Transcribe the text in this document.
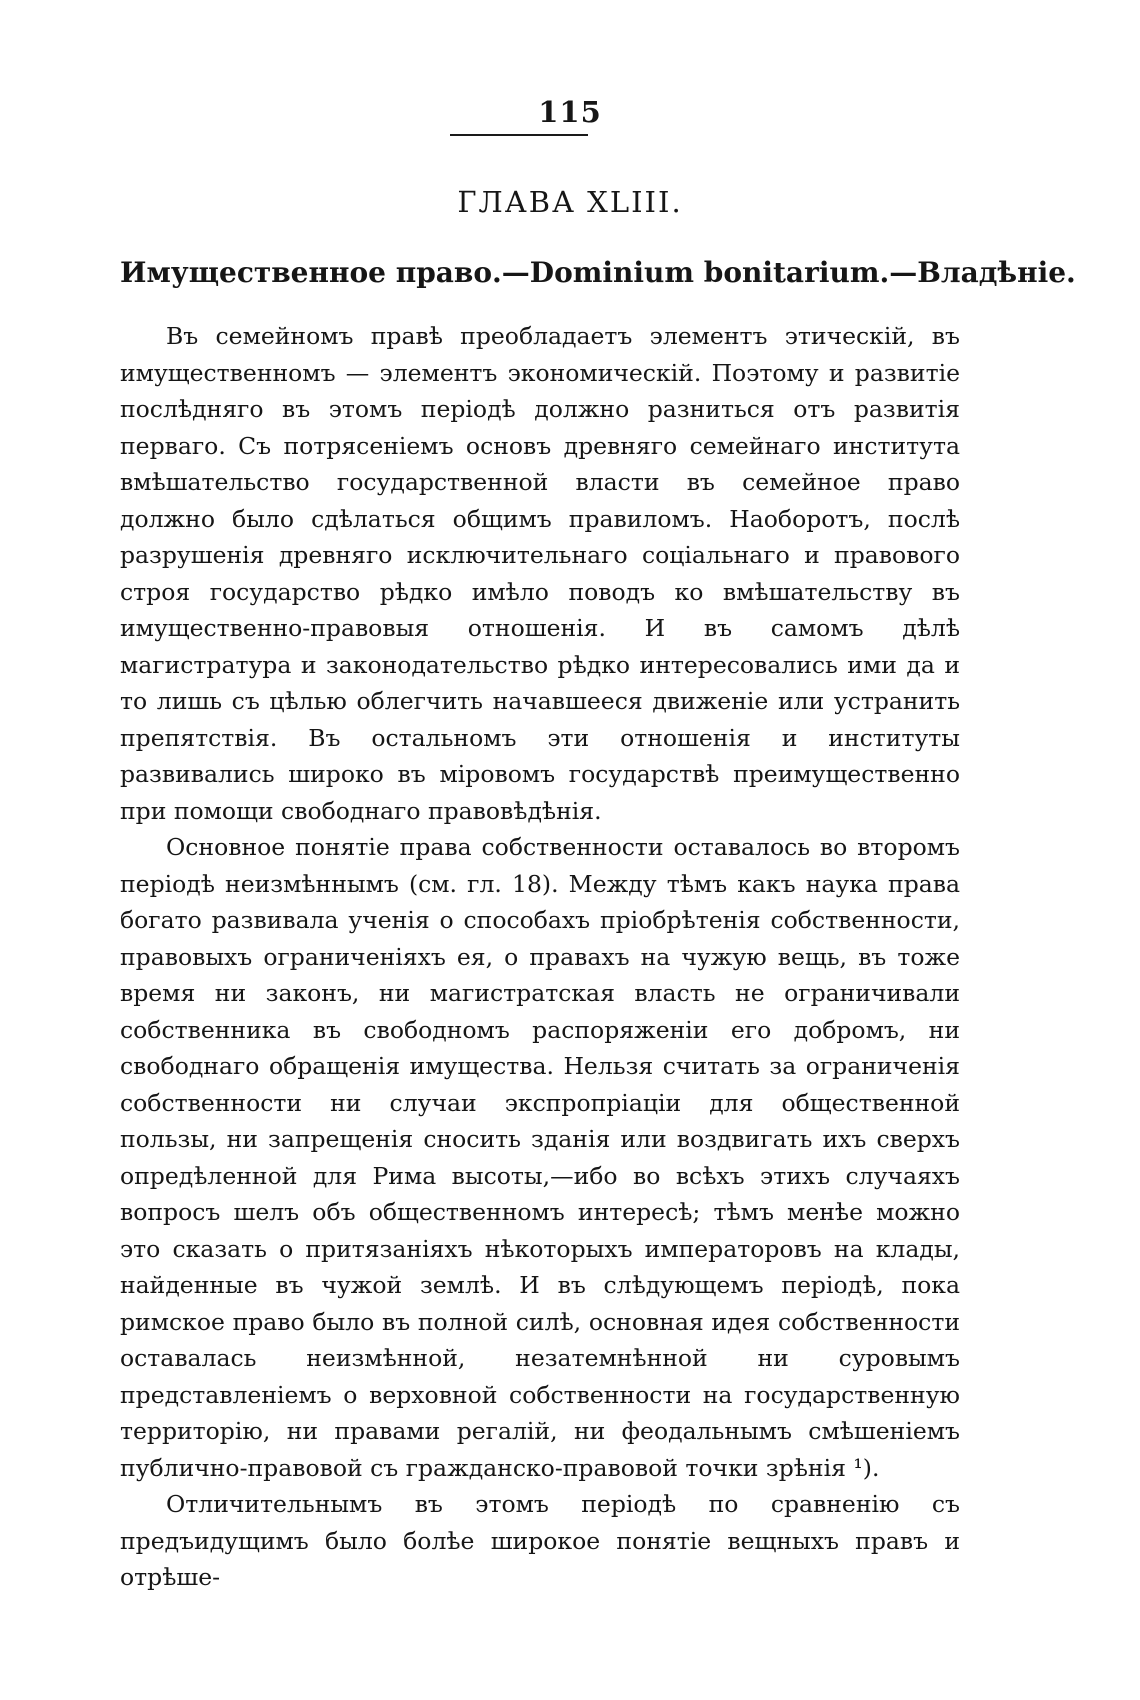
115
ГЛАВА XLIII.
Имущественное право.—Dominium bonitarium.—Владѣніе.

Въ семейномъ правѣ преобладаетъ элементъ этическій, въ имущественномъ — элементъ экономическій. Поэтому и развитіе послѣдняго въ этомъ періодѣ должно разниться отъ развитія перваго. Съ потрясеніемъ основъ древняго семейнаго института вмѣшательство государственной власти въ семейное право должно было сдѣлаться общимъ правиломъ. Наоборотъ, послѣ разрушенія древняго исключительнаго соціальнаго и правового строя государство рѣдко имѣло поводъ ко вмѣшательству въ имущественно-правовыя отношенія. И въ самомъ дѣлѣ магистратура и законодательство рѣдко интересовались ими да и то лишь съ цѣлью облегчить начавшееся движеніе или устранить препятствія. Въ остальномъ эти отношенія и институты развивались широко въ міровомъ государствѣ преимущественно при помощи свободнаго правовѣдѣнія.

Основное понятіе права собственности оставалось во второмъ періодѣ неизмѣннымъ (см. гл. 18). Между тѣмъ какъ наука права богато развивала ученія о способахъ пріобрѣтенія собственности, правовыхъ ограниченіяхъ ея, о правахъ на чужую вещь, въ тоже время ни законъ, ни магистратская власть не ограничивали собственника въ свободномъ распоряженіи его добромъ, ни свободнаго обращенія имущества. Нельзя считать за ограниченія собственности ни случаи экспропріаціи для общественной пользы, ни запрещенія сносить зданія или воздвигать ихъ сверхъ опредѣленной для Рима высоты,—ибо во всѣхъ этихъ случаяхъ вопросъ шелъ объ общественномъ интересѣ; тѣмъ менѣе можно это сказать о притязаніяхъ нѣкоторыхъ императоровъ на клады, найденные въ чужой землѣ. И въ слѣдующемъ періодѣ, пока римское право было въ полной силѣ, основная идея собственности оставалась неизмѣнной, незатемнѣнной ни суровымъ представленіемъ о верховной собственности на государственную территорію, ни правами регалій, ни феодальнымъ смѣшеніемъ публично-правовой съ гражданско-правовой точки зрѣнія ¹).

Отличительнымъ въ этомъ періодѣ по сравненію съ предъидущимъ было болѣе широкое понятіе вещныхъ правъ и отрѣше-
